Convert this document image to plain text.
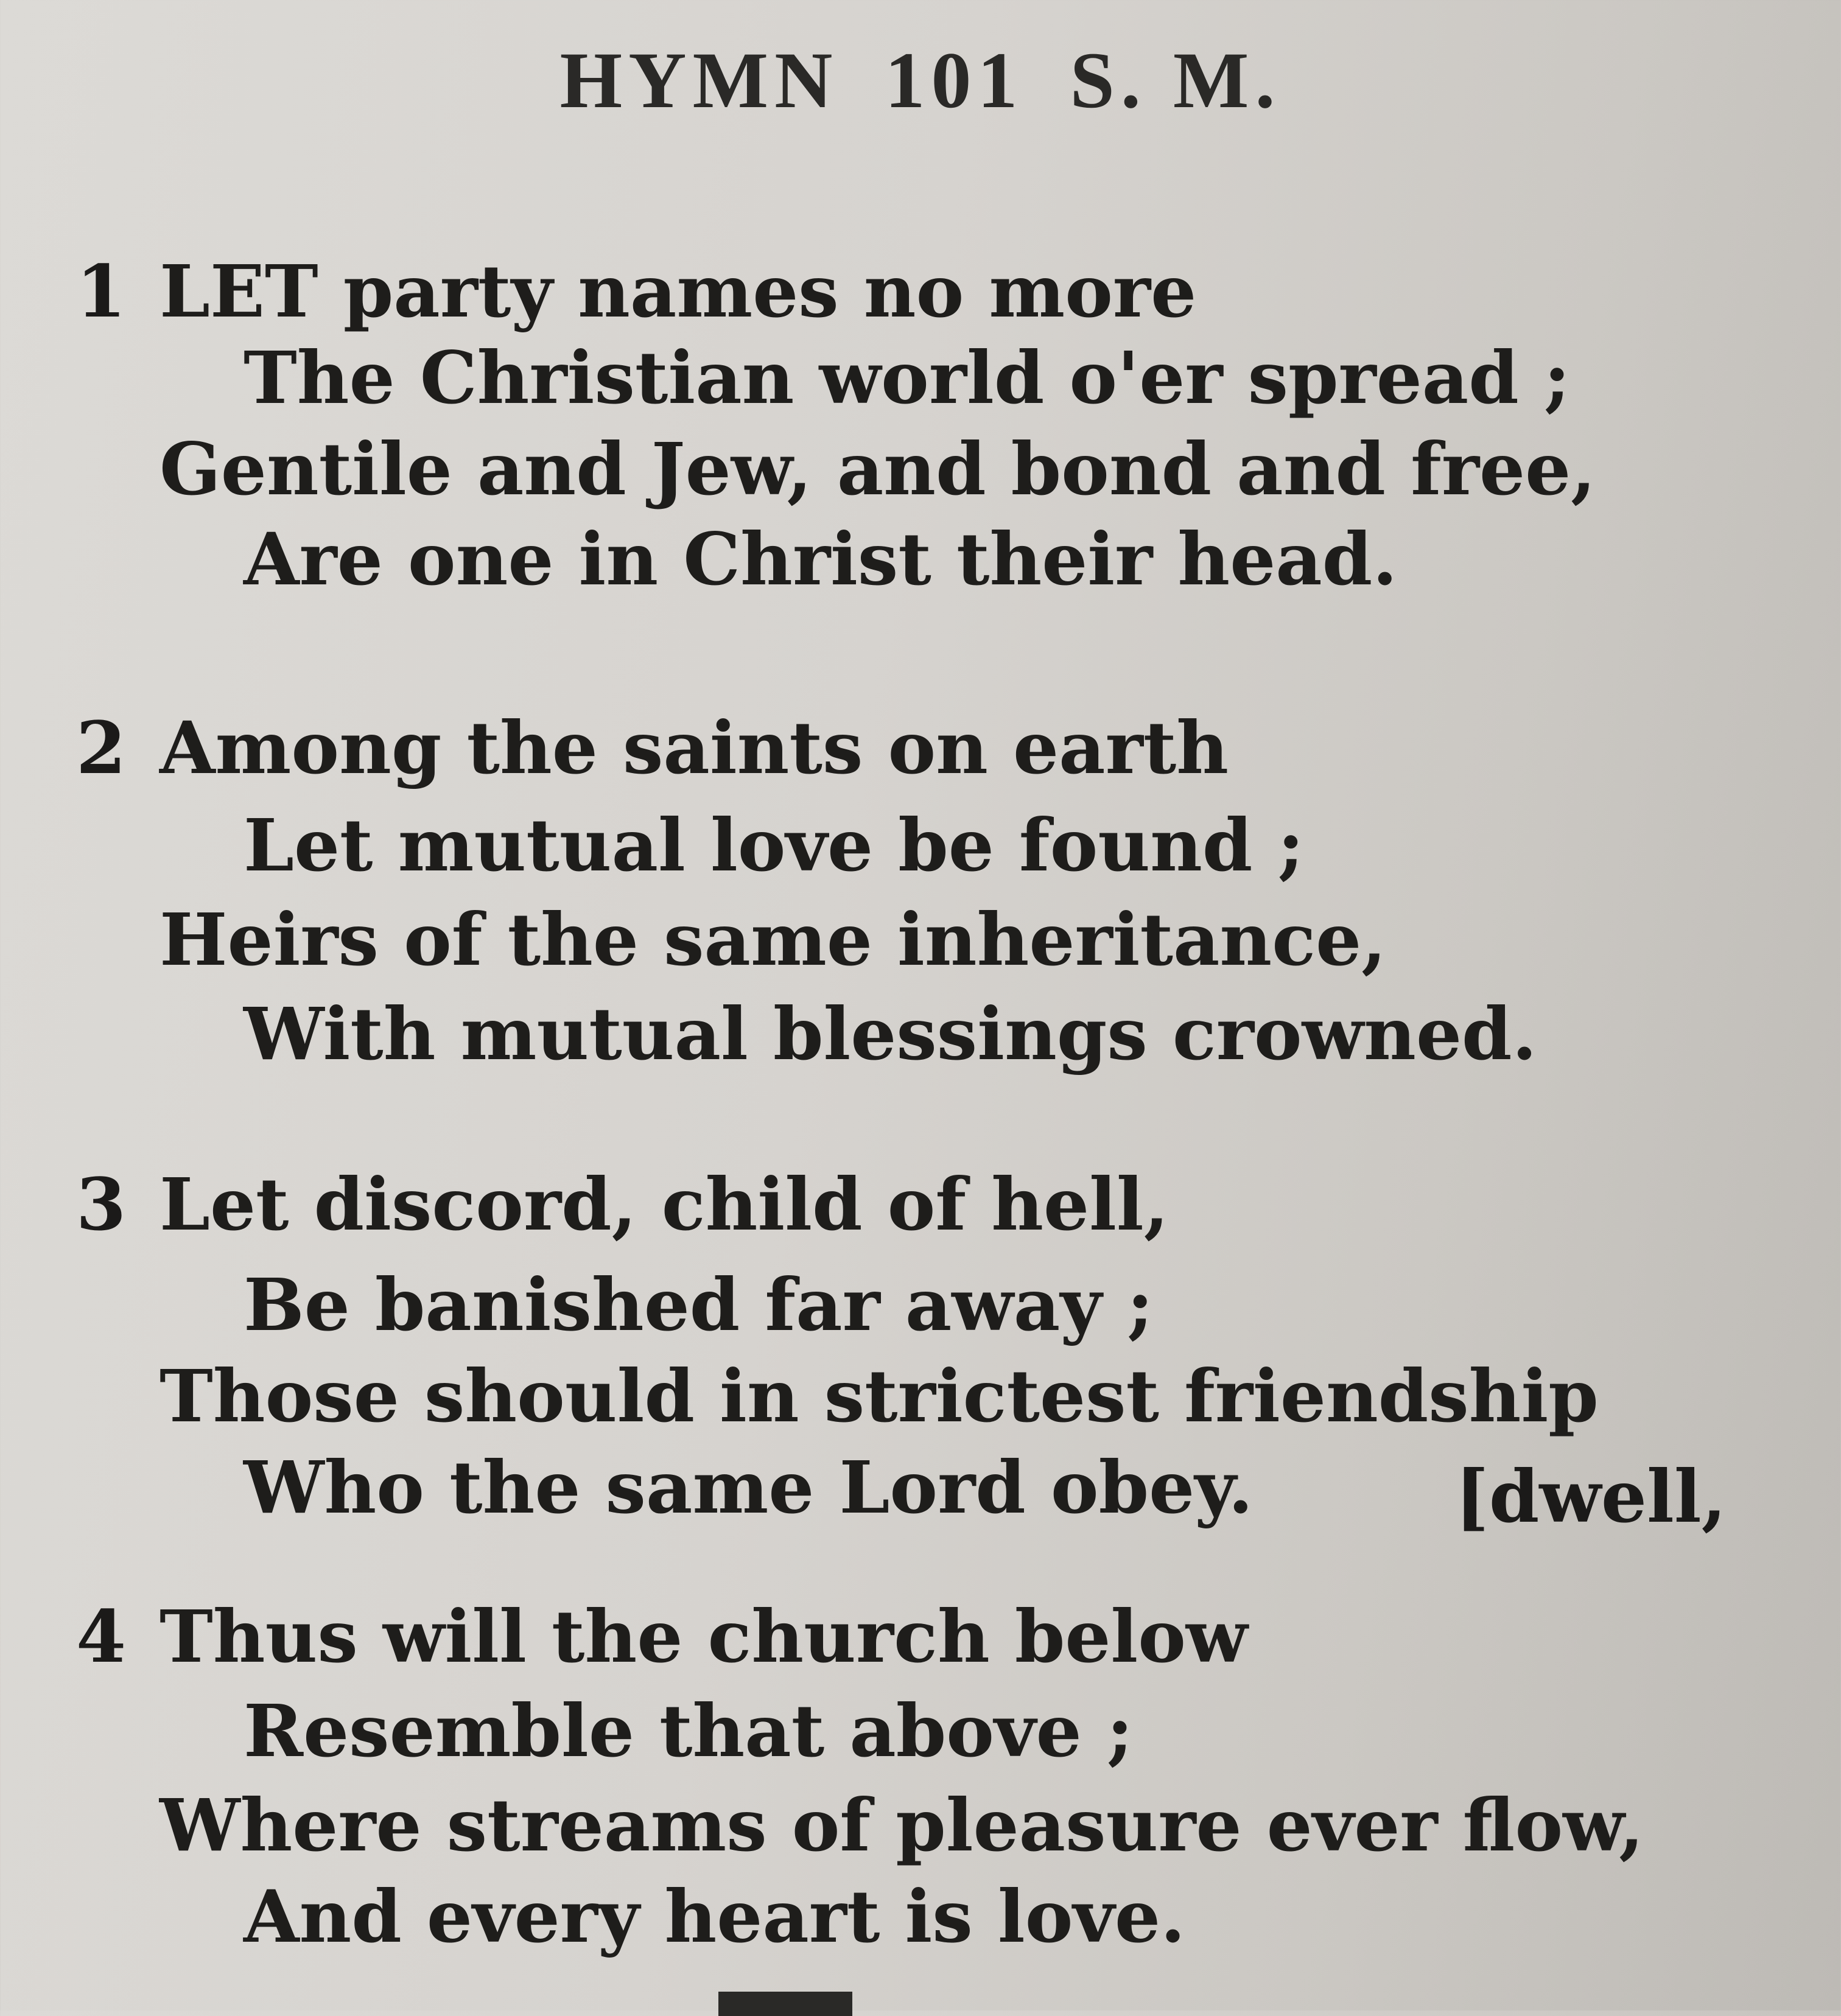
HYMN 101 S. M.
1 LET party names no more
The Christian world o'er spread ;
Gentile and Jew, and bond and free,
Are one in Christ their head.
2 Among the saints on earth
Let mutual love be found ;
Heirs of the same inheritance,
With mutual blessings crowned.
3 Let discord, child of hell,
Be banished far away ;
Those should in strictest friendship
Who the same Lord obey.	[dwell,
4 Thus will the church below
Resemble that above ;
Where streams of pleasure ever flow,
And every heart is love.
